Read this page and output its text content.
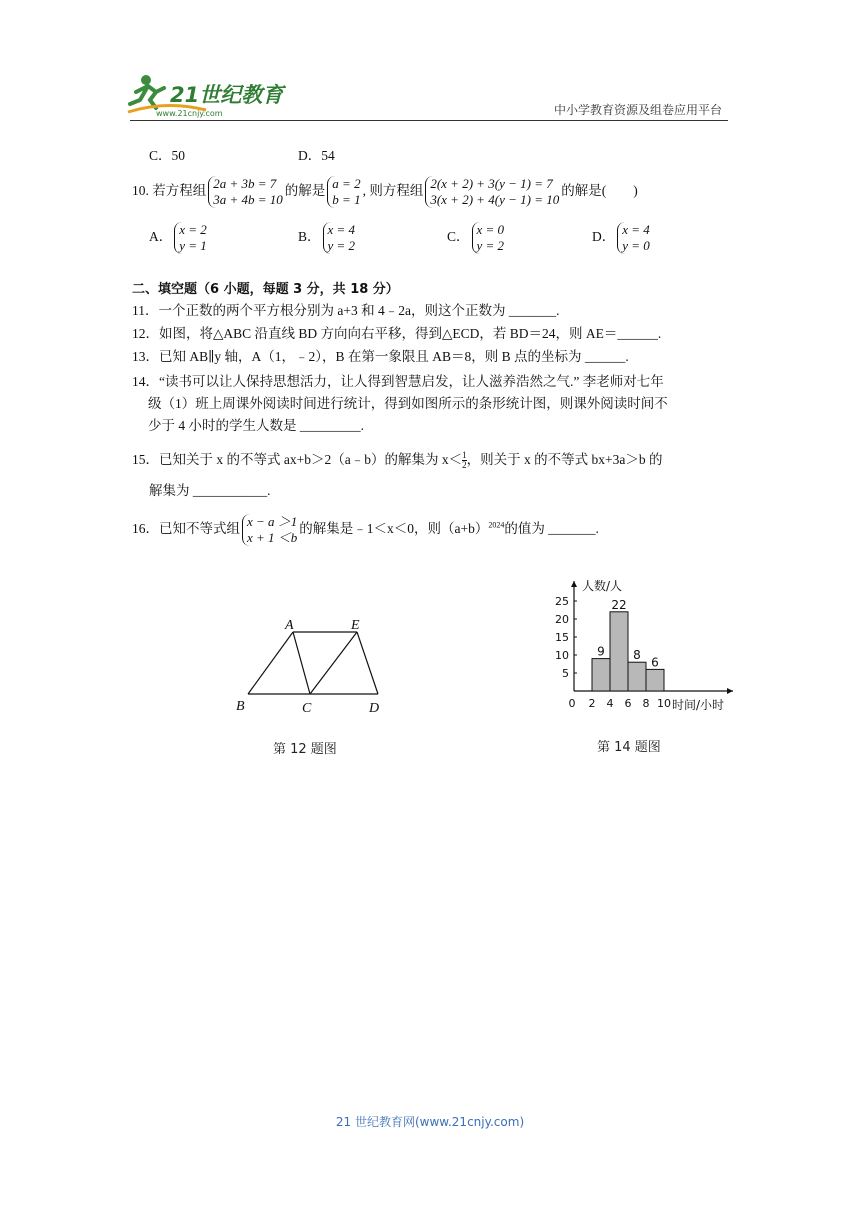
21世纪教育
www.21cnjy.com	中小学教育资源及组卷应用平台
C．50	D．54
10. 若方程组 2a + 3b = 7
3a + 4b = 10
的解是 a = 2
b = 1
, 则方程组 2(x + 2) + 3(y − 1) = 7
3(x + 2) + 4(y − 1) = 10
的解是(　　)
A． x = 2
y = 1
B． x = 4
y = 2
C． x = 0
y = 2
D． x = 4
y = 0
二、填空题（6 小题，每题 3 分，共 18 分）
11．一个正数的两个平方根分别为 a+3 和 4﹣2a，则这个正数为 _______.
12．如图，将△ABC 沿直线 BD 方向向右平移，得到△ECD，若 BD＝24，则 AE＝______.
13．已知 AB∥y 轴，A（1，﹣2），B 在第一象限且 AB＝8，则 B 点的坐标为 ______.
14．“读书可以让人保持思想活力，让人得到智慧启发，让人滋养浩然之气.” 李老师对七年
级（1）班上周课外阅读时间进行统计，得到如图所示的条形统计图，则课外阅读时间不
少于 4 小时的学生人数是 _________.
15．已知关于 x 的不等式 ax+b＞2（a﹣b）的解集为 $x< \frac{1}{2}$ ，则关于 x 的不等式 bx+3a＞b 的
解集为 ___________.
16．已知不等式组 x − a ＞1
x + 1 ＜b
的解集是﹣1＜x＜0，则$(a+b)^{2024}$的值为 _______.
A	E
B	C	D
第 12 题图
5
10
15
20
25
0 2 4 6 8 10
9
22
8
6
人数/人
时间/小时
第 14 题图
21 世纪教育网(www.21cnjy.com)
